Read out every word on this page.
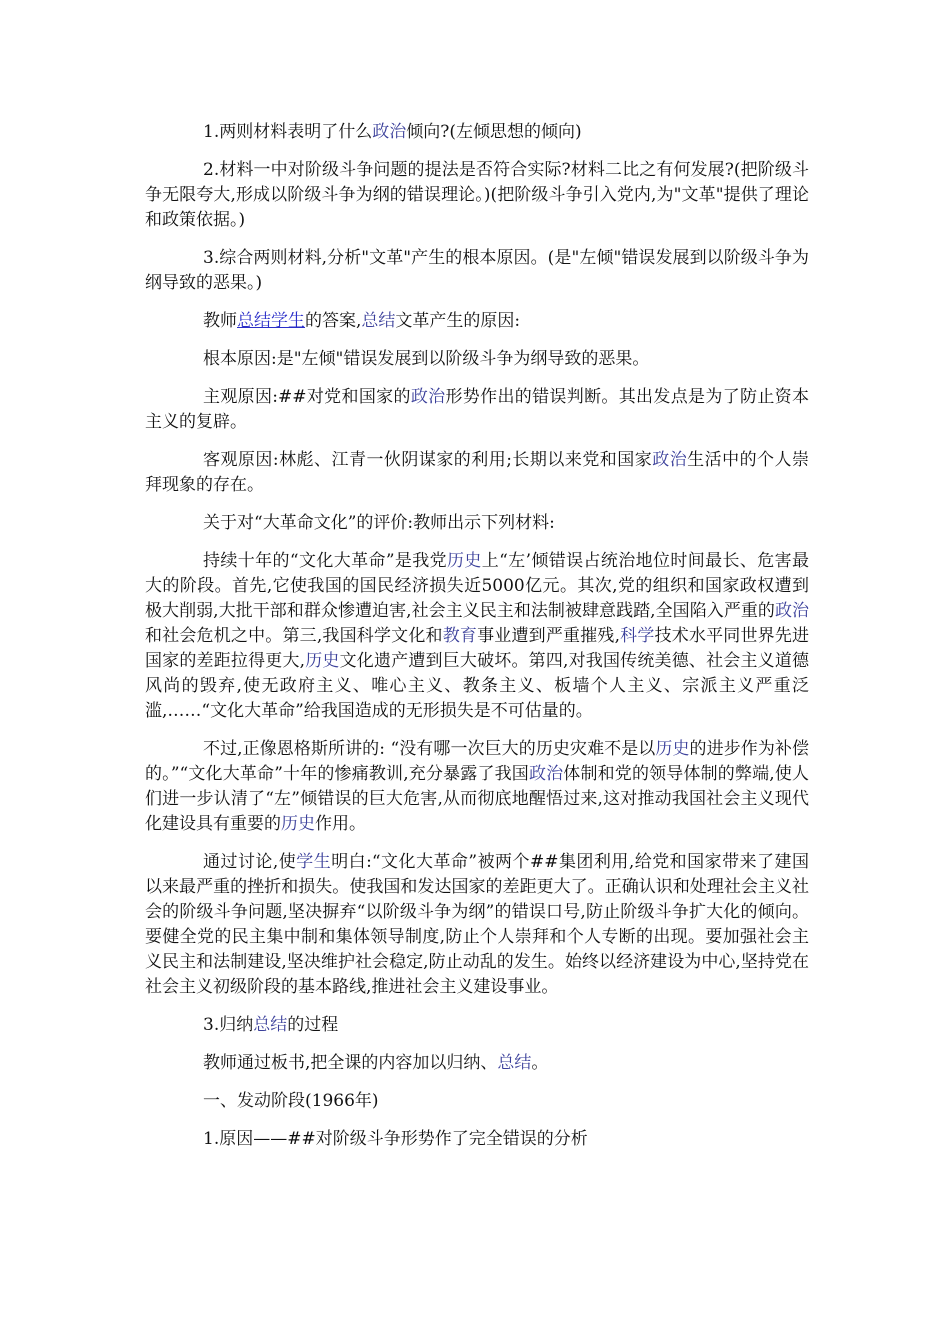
1.两则材料表明了什么政治倾向?(左倾思想的倾向)

2.材料一中对阶级斗争问题的提法是否符合实际?材料二比之有何发展?(把阶级斗争无限夸大,形成以阶级斗争为纲的错误理论。)(把阶级斗争引入党内,为"文革"提供了理论和政策依据。)

3.综合两则材料,分析"文革"产生的根本原因。(是"左倾"错误发展到以阶级斗争为纲导致的恶果。)

教师总结学生的答案,总结文革产生的原因:

根本原因:是"左倾"错误发展到以阶级斗争为纲导致的恶果。

主观原因:##对党和国家的政治形势作出的错误判断。其出发点是为了防止资本主义的复辟。

客观原因:林彪、江青一伙阴谋家的利用;长期以来党和国家政治生活中的个人崇拜现象的存在。

关于对“大革命文化”的评价:教师出示下列材料:

持续十年的“文化大革命”是我党历史上“左’倾错误占统治地位时间最长、危害最大的阶段。首先,它使我国的国民经济损失近5000亿元。其次,党的组织和国家政权遭到极大削弱,大批干部和群众惨遭迫害,社会主义民主和法制被肆意践踏,全国陷入严重的政治和社会危机之中。第三,我国科学文化和教育事业遭到严重摧残,科学技术水平同世界先进国家的差距拉得更大,历史文化遗产遭到巨大破坏。第四,对我国传统美德、社会主义道德风尚的毁弃,使无政府主义、唯心主义、教条主义、板墙个人主义、宗派主义严重泛滥,……“文化大革命”给我国造成的无形损失是不可估量的。

不过,正像恩格斯所讲的: “没有哪一次巨大的历史灾难不是以历史的进步作为补偿的。”“文化大革命”十年的惨痛教训,充分暴露了我国政治体制和党的领导体制的弊端,使人们进一步认清了“左”倾错误的巨大危害,从而彻底地醒悟过来,这对推动我国社会主义现代化建设具有重要的历史作用。

通过讨论,使学生明白:“文化大革命”被两个##集团利用,给党和国家带来了建国以来最严重的挫折和损失。使我国和发达国家的差距更大了。正确认识和处理社会主义社会的阶级斗争问题,坚决摒弃“以阶级斗争为纲”的错误口号,防止阶级斗争扩大化的倾向。要健全党的民主集中制和集体领导制度,防止个人崇拜和个人专断的出现。要加强社会主义民主和法制建设,坚决维护社会稳定,防止动乱的发生。始终以经济建设为中心,坚持党在社会主义初级阶段的基本路线,推进社会主义建设事业。

3.归纳总结的过程

教师通过板书,把全课的内容加以归纳、总结。

一、发动阶段(1966年)

1.原因——##对阶级斗争形势作了完全错误的分析
